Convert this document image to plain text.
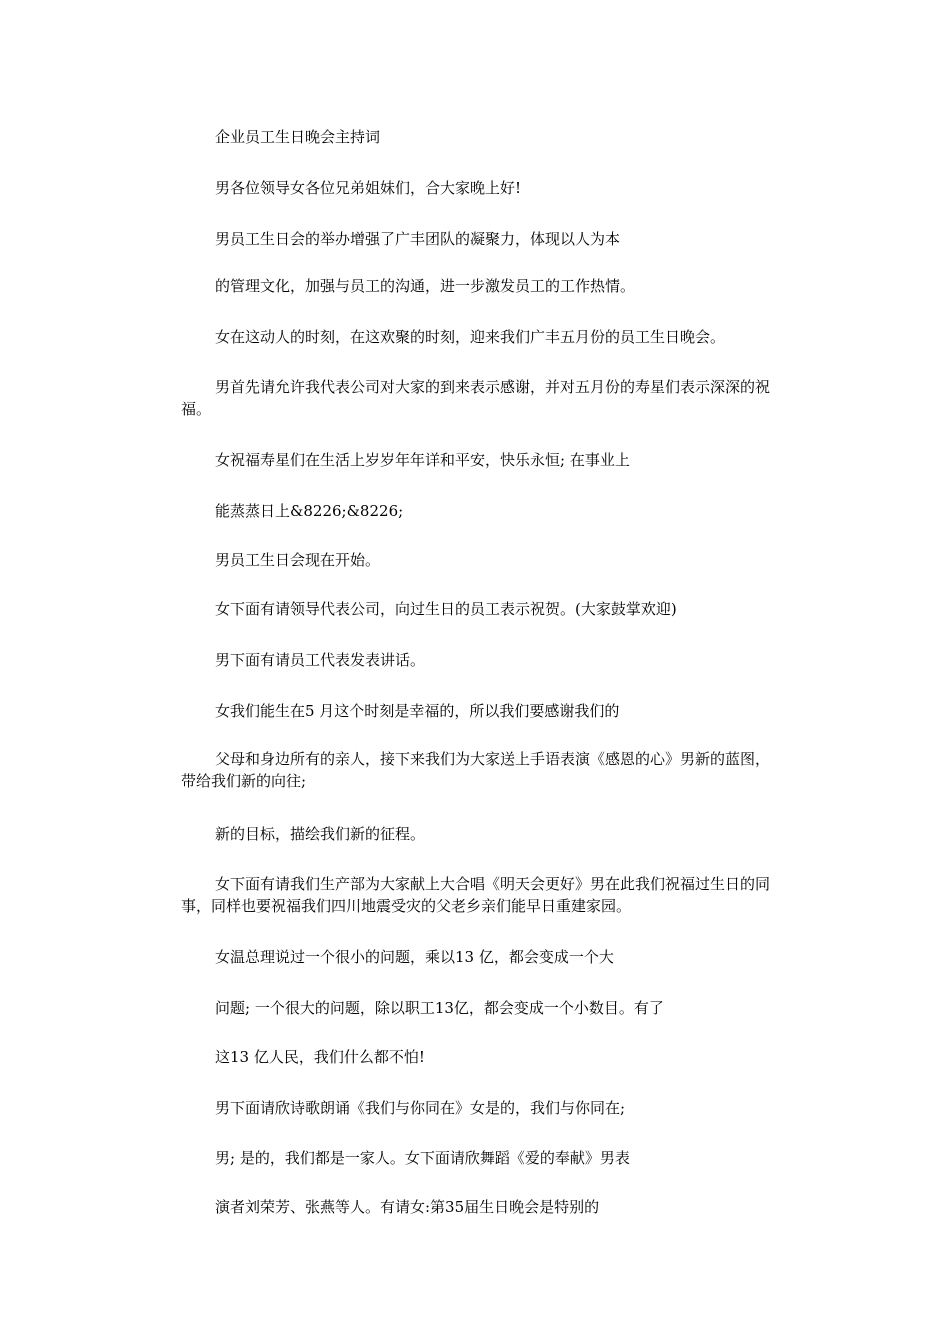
企业员工生日晚会主持词

男各位领导女各位兄弟姐妹们，合大家晚上好!

男员工生日会的举办增强了广丰团队的凝聚力，体现以人为本

的管理文化，加强与员工的沟通，进一步激发员工的工作热情。

女在这动人的时刻，在这欢聚的时刻，迎来我们广丰五月份的员工生日晚会。

男首先请允许我代表公司对大家的到来表示感谢，并对五月份的寿星们表示深深的祝福。

女祝福寿星们在生活上岁岁年年详和平安，快乐永恒; 在事业上

能蒸蒸日上&8226;&8226;

男员工生日会现在开始。

女下面有请领导代表公司，向过生日的员工表示祝贺。(大家鼓掌欢迎)

男下面有请员工代表发表讲话。

女我们能生在5 月这个时刻是幸福的，所以我们要感谢我们的

父母和身边所有的亲人，接下来我们为大家送上手语表演《感恩的心》男新的蓝图，带给我们新的向往;

新的目标，描绘我们新的征程。

女下面有请我们生产部为大家献上大合唱《明天会更好》男在此我们祝福过生日的同事，同样也要祝福我们四川地震受灾的父老乡亲们能早日重建家园。

女温总理说过一个很小的问题，乘以13 亿，都会变成一个大

问题; 一个很大的问题，除以职工13亿，都会变成一个小数目。有了

这13 亿人民，我们什么都不怕!

男下面请欣诗歌朗诵《我们与你同在》女是的，我们与你同在;

男; 是的，我们都是一家人。女下面请欣舞蹈《爱的奉献》男表

演者刘荣芳、张燕等人。有请女:第35届生日晚会是特别的
